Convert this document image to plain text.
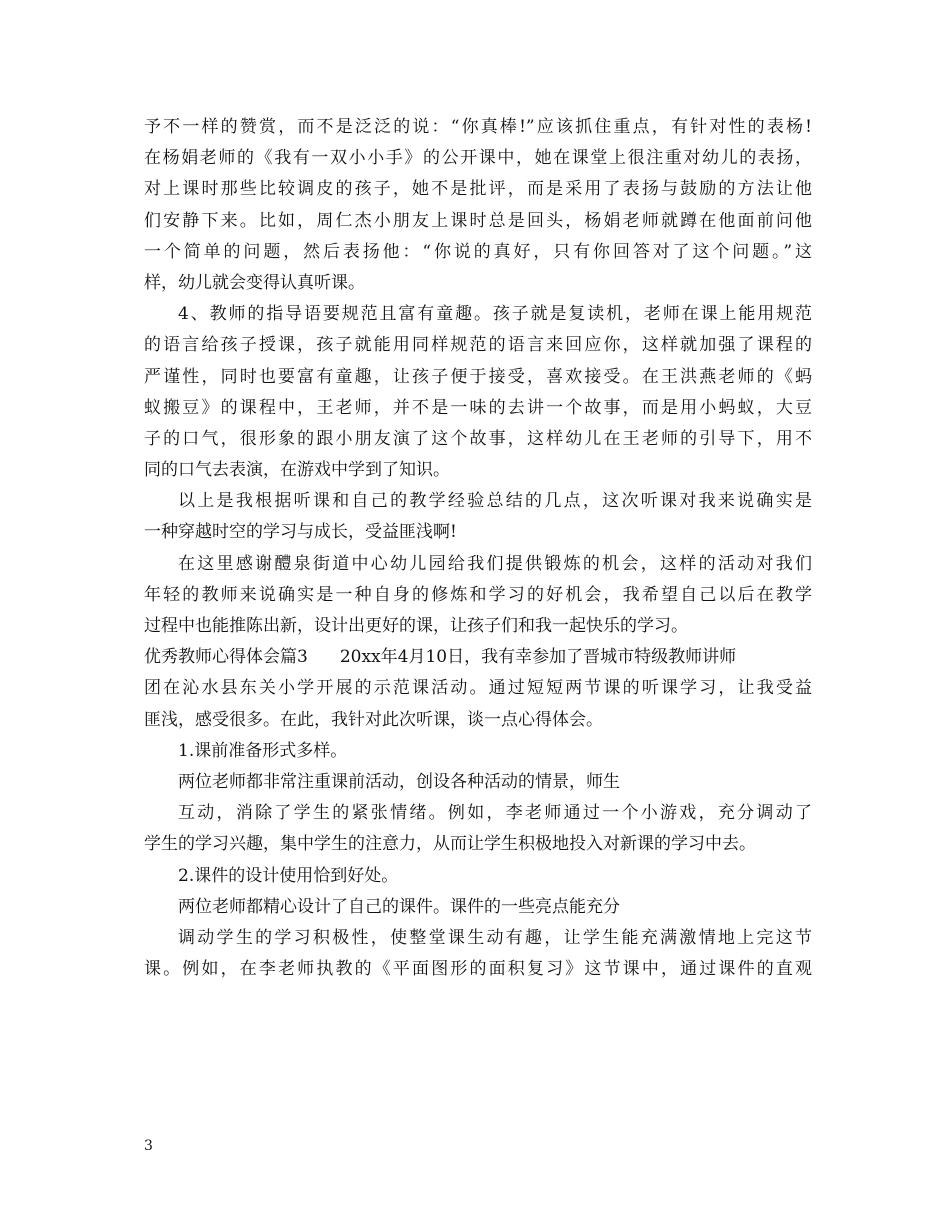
予不一样的赞赏，而不是泛泛的说：“你真棒!”应该抓住重点，有针对性的表杨!
在杨娟老师的《我有一双小小手》的公开课中，她在课堂上很注重对幼儿的表扬，
对上课时那些比较调皮的孩子，她不是批评，而是采用了表扬与鼓励的方法让他
们安静下来。比如，周仁杰小朋友上课时总是回头，杨娟老师就蹲在他面前问他
一个简单的问题，然后表扬他：“你说的真好，只有你回答对了这个问题。”这
样，幼儿就会变得认真听课。
4、教师的指导语要规范且富有童趣。孩子就是复读机，老师在课上能用规范
的语言给孩子授课，孩子就能用同样规范的语言来回应你，这样就加强了课程的
严谨性，同时也要富有童趣，让孩子便于接受，喜欢接受。在王洪燕老师的《蚂
蚁搬豆》的课程中，王老师，并不是一味的去讲一个故事，而是用小蚂蚁，大豆
子的口气，很形象的跟小朋友演了这个故事，这样幼儿在王老师的引导下，用不
同的口气去表演，在游戏中学到了知识。
以上是我根据听课和自己的教学经验总结的几点，这次听课对我来说确实是
一种穿越时空的学习与成长，受益匪浅啊!
在这里感谢醴泉街道中心幼儿园给我们提供锻炼的机会，这样的活动对我们
年轻的教师来说确实是一种自身的修炼和学习的好机会，我希望自己以后在教学
过程中也能推陈出新，设计出更好的课，让孩子们和我一起快乐的学习。
优秀教师心得体会篇3 20xx年4月10日，我有幸参加了晋城市特级教师讲师
团在沁水县东关小学开展的示范课活动。通过短短两节课的听课学习，让我受益
匪浅，感受很多。在此，我针对此次听课，谈一点心得体会。
1.课前准备形式多样。
两位老师都非常注重课前活动，创设各种活动的情景，师生
互动，消除了学生的紧张情绪。例如，李老师通过一个小游戏，充分调动了
学生的学习兴趣，集中学生的注意力，从而让学生积极地投入对新课的学习中去。
2.课件的设计使用恰到好处。
两位老师都精心设计了自己的课件。课件的一些亮点能充分
调动学生的学习积极性，使整堂课生动有趣，让学生能充满激情地上完这节
课。例如，在李老师执教的《平面图形的面积复习》这节课中，通过课件的直观
3
